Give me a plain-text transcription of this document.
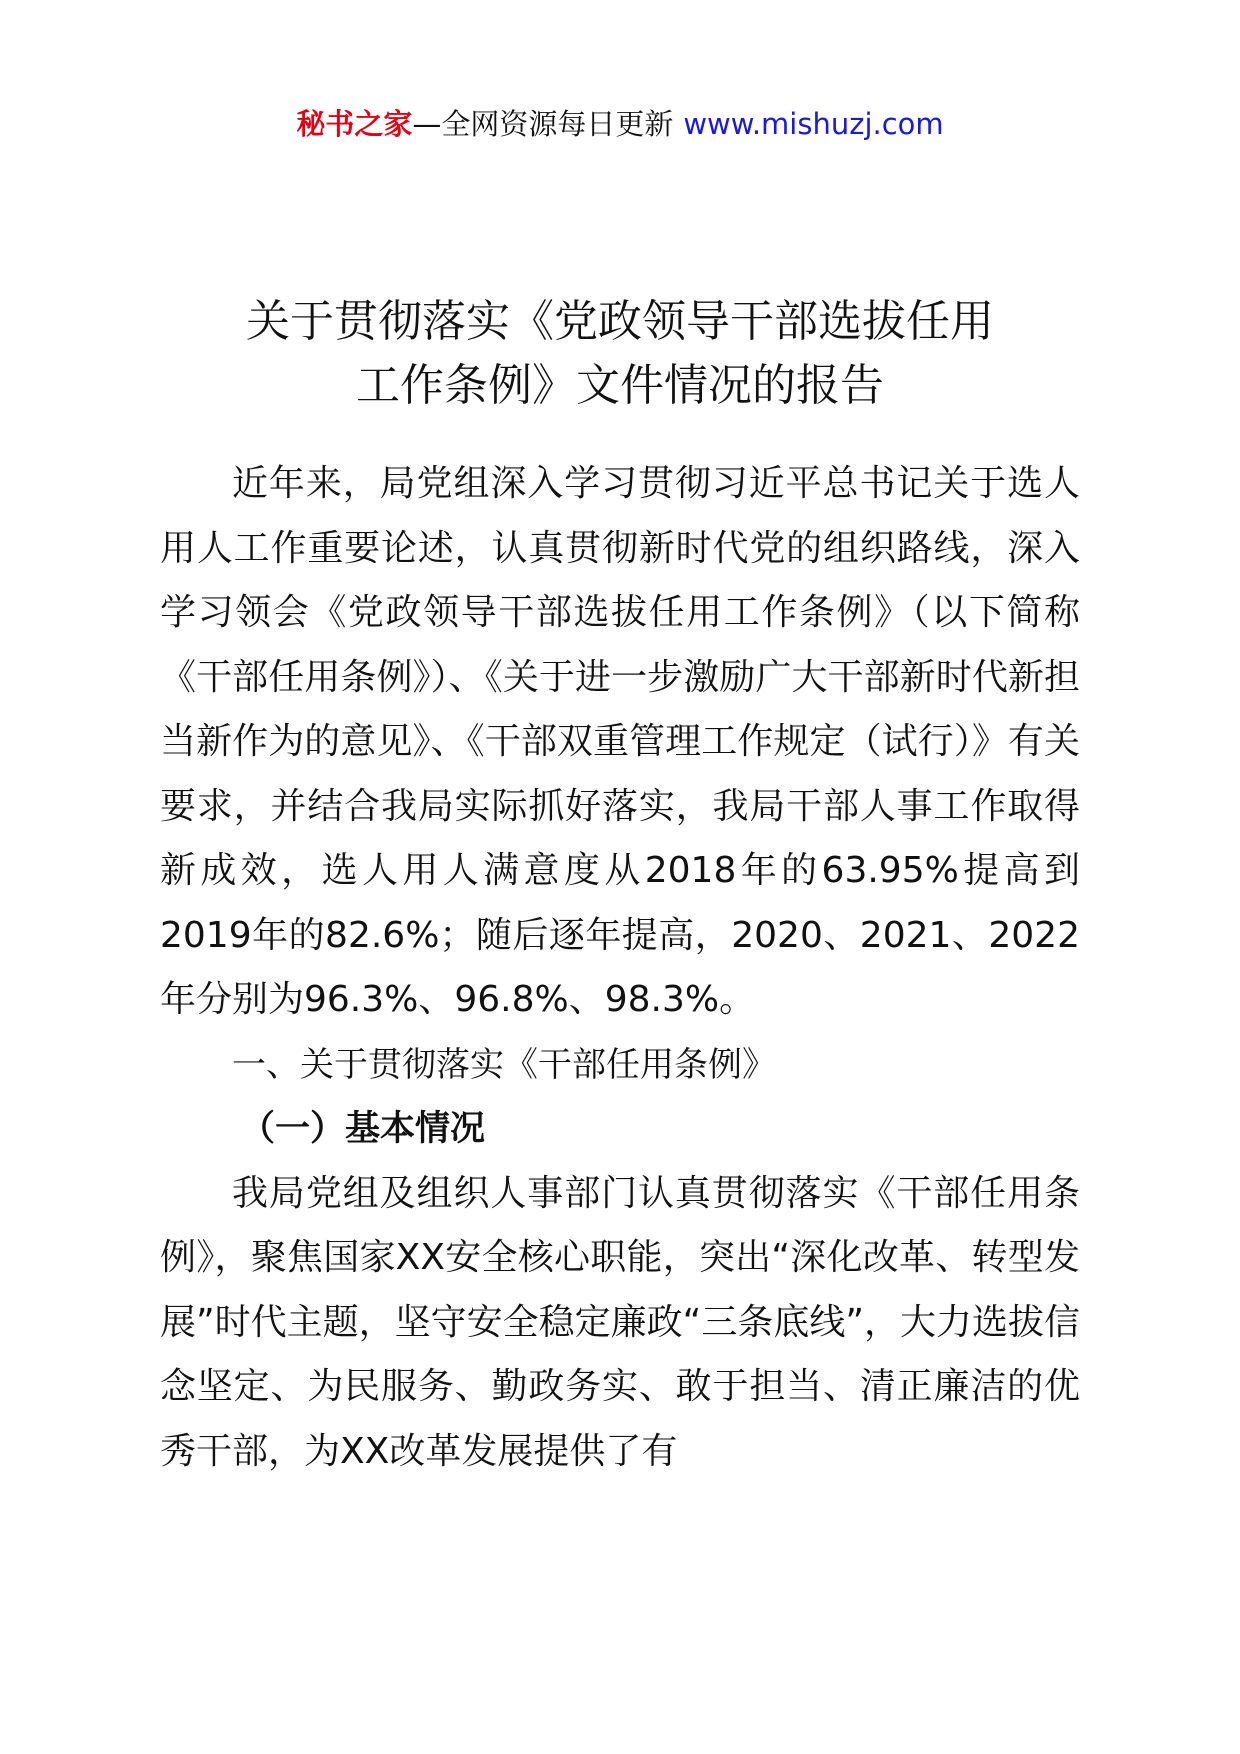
秘书之家—全网资源每日更新 www.mishuzj.com
关于贯彻落实《党政领导干部选拔任用
工作条例》文件情况的报告

近年来，局党组深入学习贯彻习近平总书记关于选人用人工作重要论述，认真贯彻新时代党的组织路线，深入学习领会《党政领导干部选拔任用工作条例》（以下简称《干部任用条例》）、《关于进一步激励广大干部新时代新担当新作为的意见》、《干部双重管理工作规定（试行）》有关要求，并结合我局实际抓好落实，我局干部人事工作取得新成效，选人用人满意度从2018年的63.95%提高到2019年的82.6%；随后逐年提高，2020、2021、2022年分别为96.3%、96.8%、98.3%。

一、关于贯彻落实《干部任用条例》

（一）基本情况

我局党组及组织人事部门认真贯彻落实《干部任用条例》，聚焦国家XX安全核心职能，突出“深化改革、转型发展”时代主题，坚守安全稳定廉政“三条底线”，大力选拔信念坚定、为民服务、勤政务实、敢于担当、清正廉洁的优秀干部，为XX改革发展提供了有
